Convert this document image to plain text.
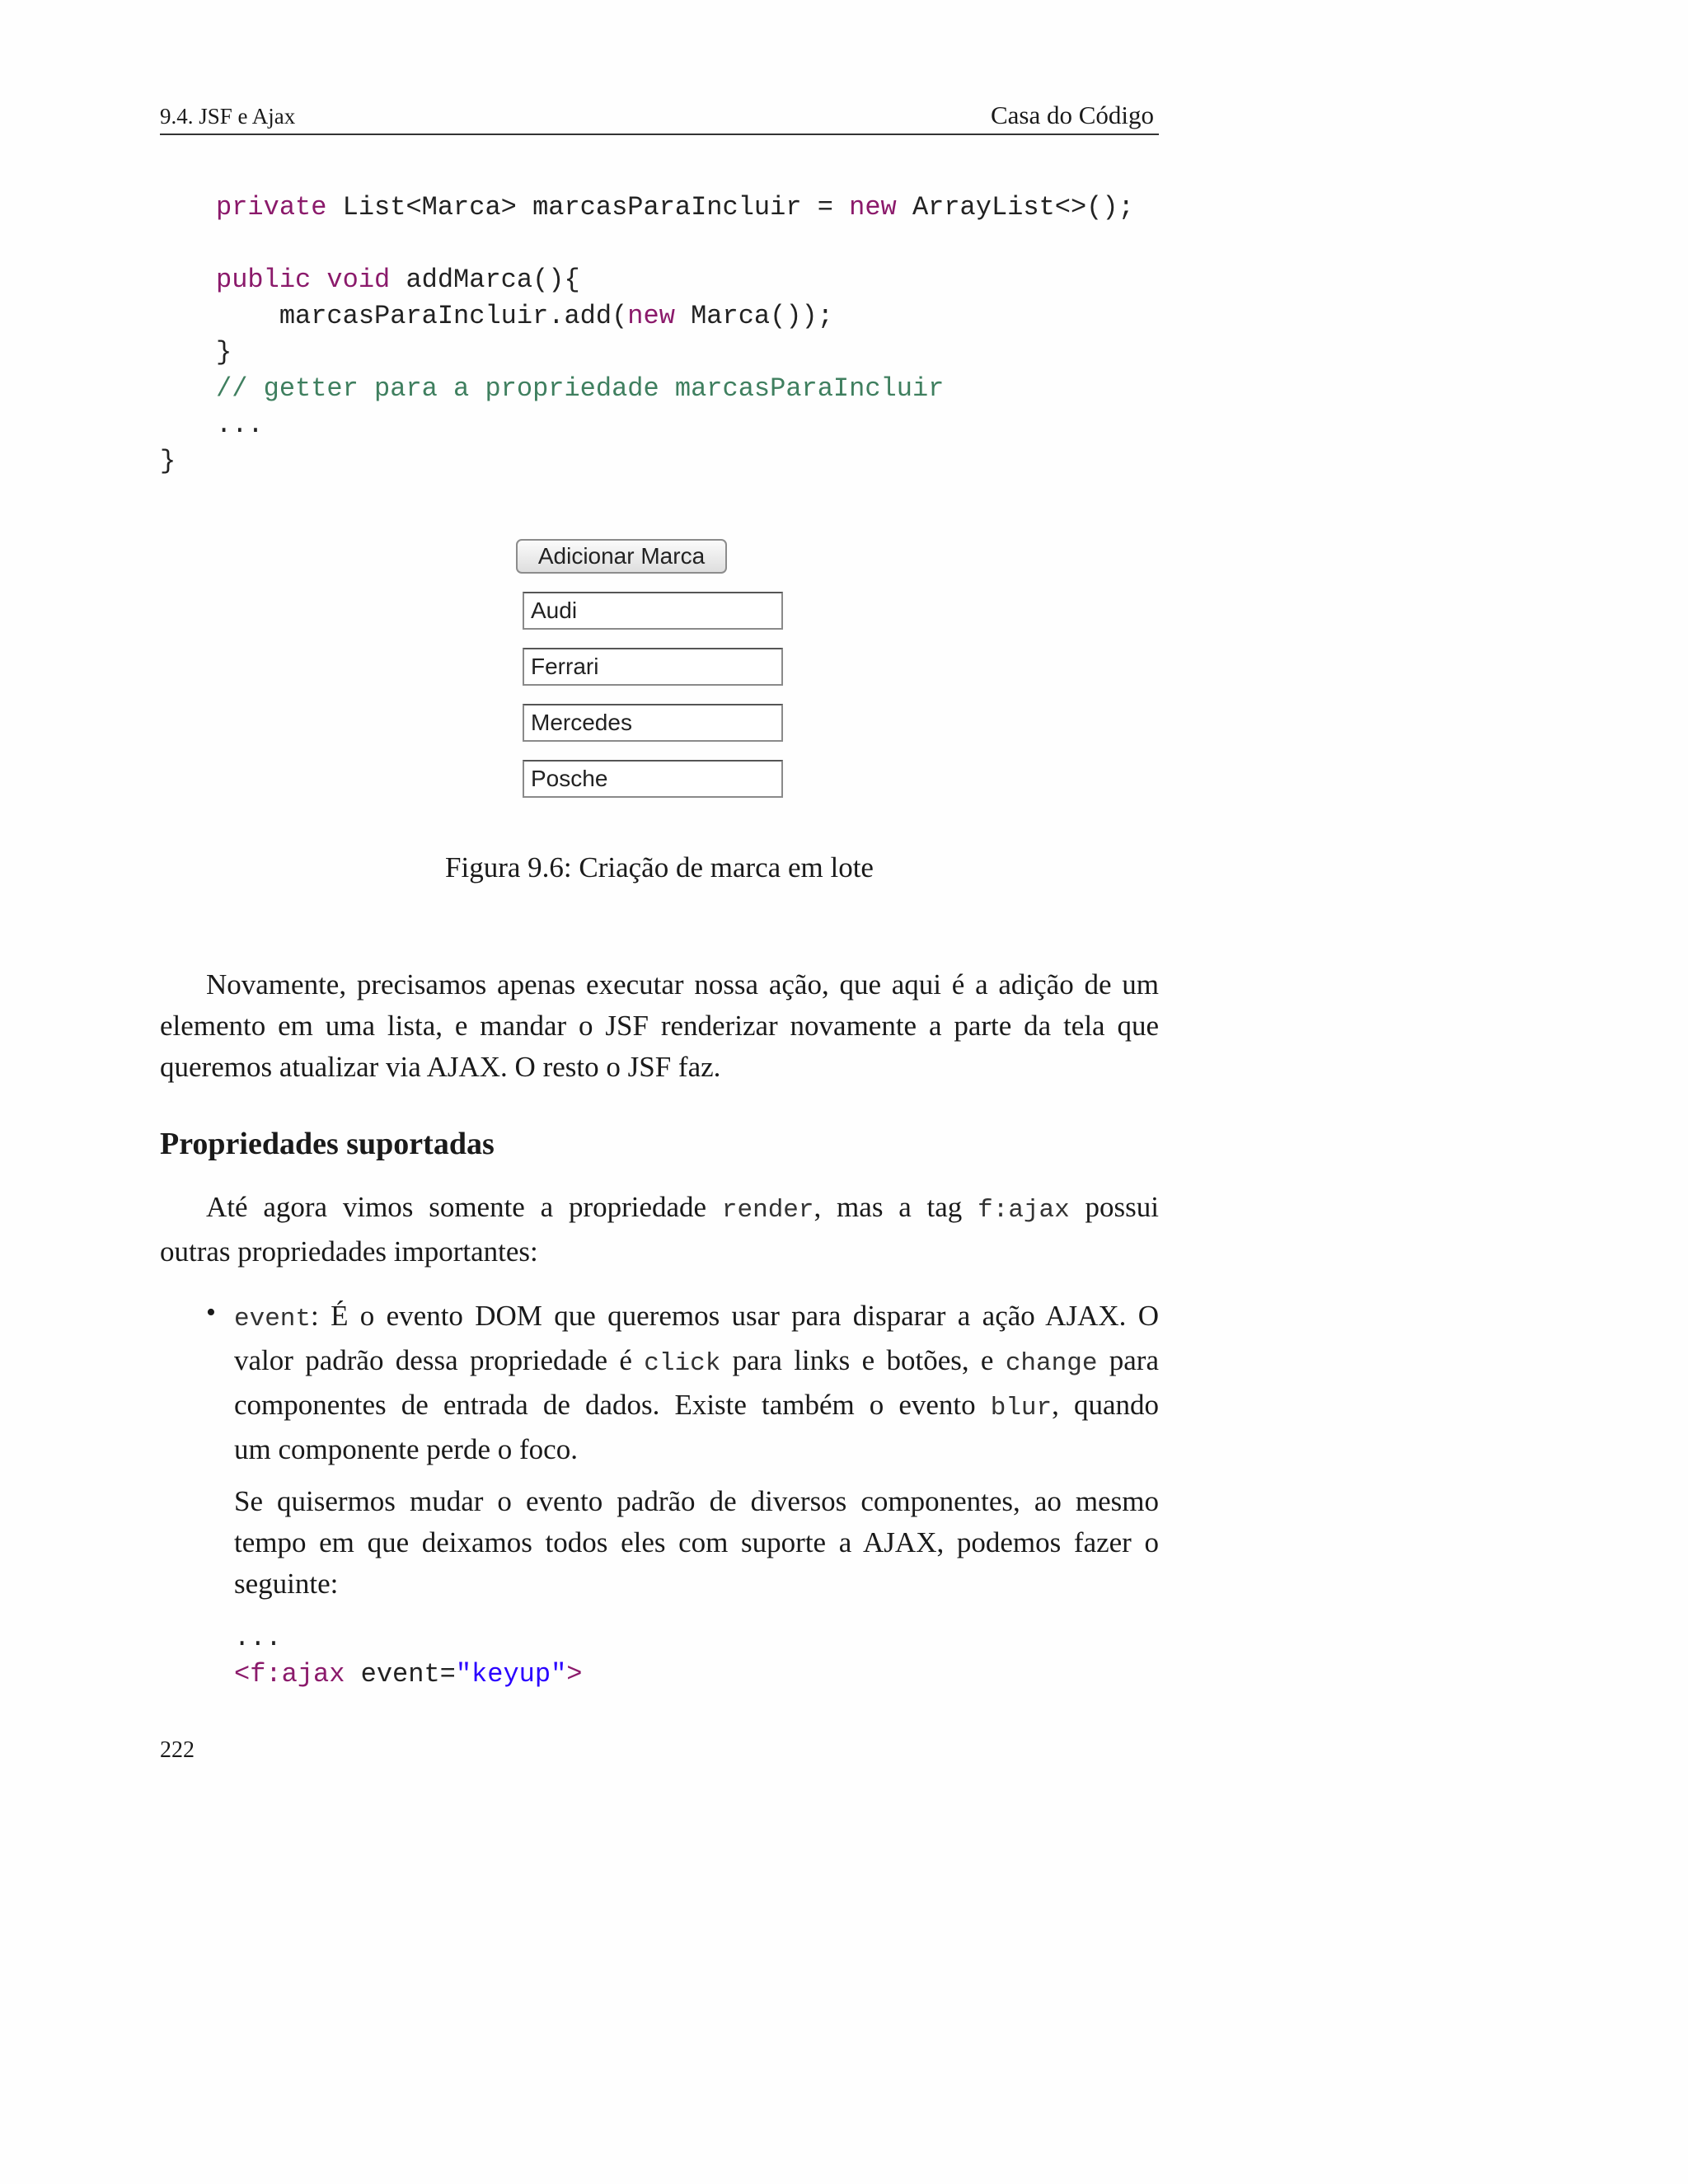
9.4. JSF e Ajax	Casa do Código
private List<Marca> marcasParaIncluir = new ArrayList<>();

public void addMarca(){
marcasParaIncluir.add(new Marca());
}
// getter para a propriedade marcasParaIncluir
...
}
Adicionar Marca
Audi
Ferrari
Mercedes
Posche
Figura 9.6: Criação de marca em lote
Novamente, precisamos apenas executar nossa ação, que aqui é a adição de um
elemento em uma lista, e mandar o JSF renderizar novamente a parte da tela que
queremos atualizar via AJAX. O resto o JSF faz.
Propriedades suportadas
Até agora vimos somente a propriedade render, mas a tag f:ajax possui
outras propriedades importantes:
• event: É o evento DOM que queremos usar para disparar a ação AJAX. O
valor padrão dessa propriedade é click para links e botões, e change para
componentes de entrada de dados. Existe também o evento blur, quando
um componente perde o foco.
Se quisermos mudar o evento padrão de diversos componentes, ao mesmo
tempo em que deixamos todos eles com suporte a AJAX, podemos fazer o
seguinte:
...
<f:ajax event="keyup">
222
